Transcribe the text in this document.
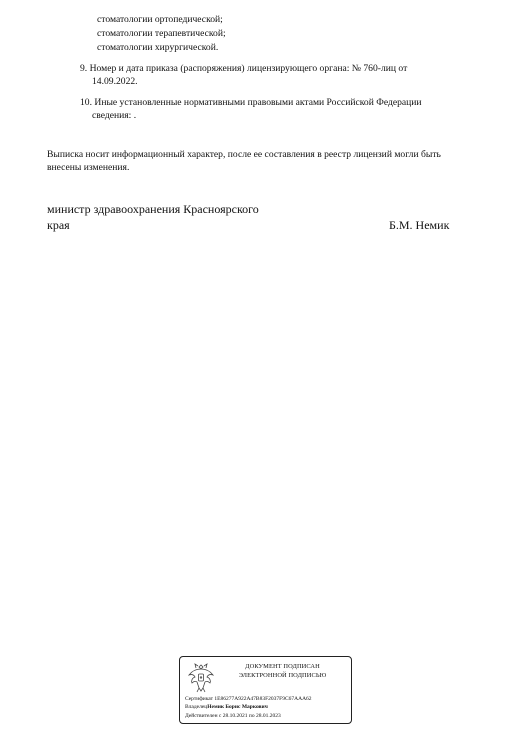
стоматологии ортопедической;
стоматологии терапевтической;
стоматологии хирургической.
9. Номер и дата приказа (распоряжения) лицензирующего органа: № 760-лиц от
14.09.2022.
10. Иные установленные нормативными правовыми актами Российской Федерации
сведения: .
Выписка носит информационный характер, после ее составления в реестр лицензий могли быть
внесены изменения.
министр здравоохранения Красноярского
края	Б.М. Немик
ДОКУМЕНТ ПОДПИСАН
ЭЛЕКТРОННОЙ ПОДПИСЬЮ
Сертификат 1E86277A922A47B83F2037F9C67AAA62
ВладелецНемик Борис Маркович
Действителен с 28.10.2021 по 28.01.2023
